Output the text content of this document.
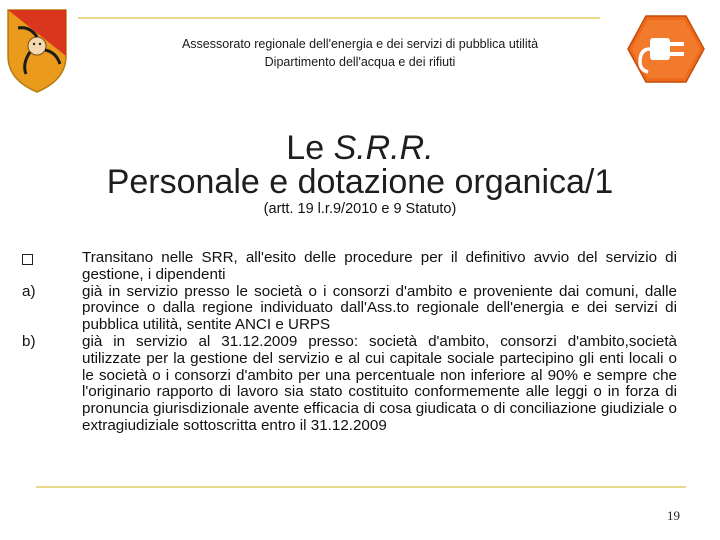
Assessorato regionale dell'energia e dei servizi di pubblica utilità
Dipartimento dell'acqua e dei rifiuti
Le S.R.R.
Personale e dotazione organica/1
(artt. 19 l.r.9/2010 e 9 Statuto)
Transitano nelle SRR, all'esito delle procedure per il definitivo avvio del servizio di gestione, i dipendenti
a)	già in servizio presso le società o i consorzi d'ambito e proveniente dai comuni, dalle province o dalla regione individuato dall'Ass.to regionale dell'energia e dei servizi di pubblica utilità, sentite ANCI e URPS
b)	già in servizio al 31.12.2009 presso: società d'ambito, consorzi d'ambito,società utilizzate per la gestione del servizio e al cui capitale sociale partecipino gli enti locali o le società o i consorzi d'ambito per una percentuale non inferiore al 90% e sempre che l'originario rapporto di lavoro sia stato costituito conformemente alle leggi o in forza di pronuncia giurisdizionale avente efficacia di cosa giudicata o di conciliazione giudiziale o extragiudiziale sottoscritta entro il 31.12.2009
19
